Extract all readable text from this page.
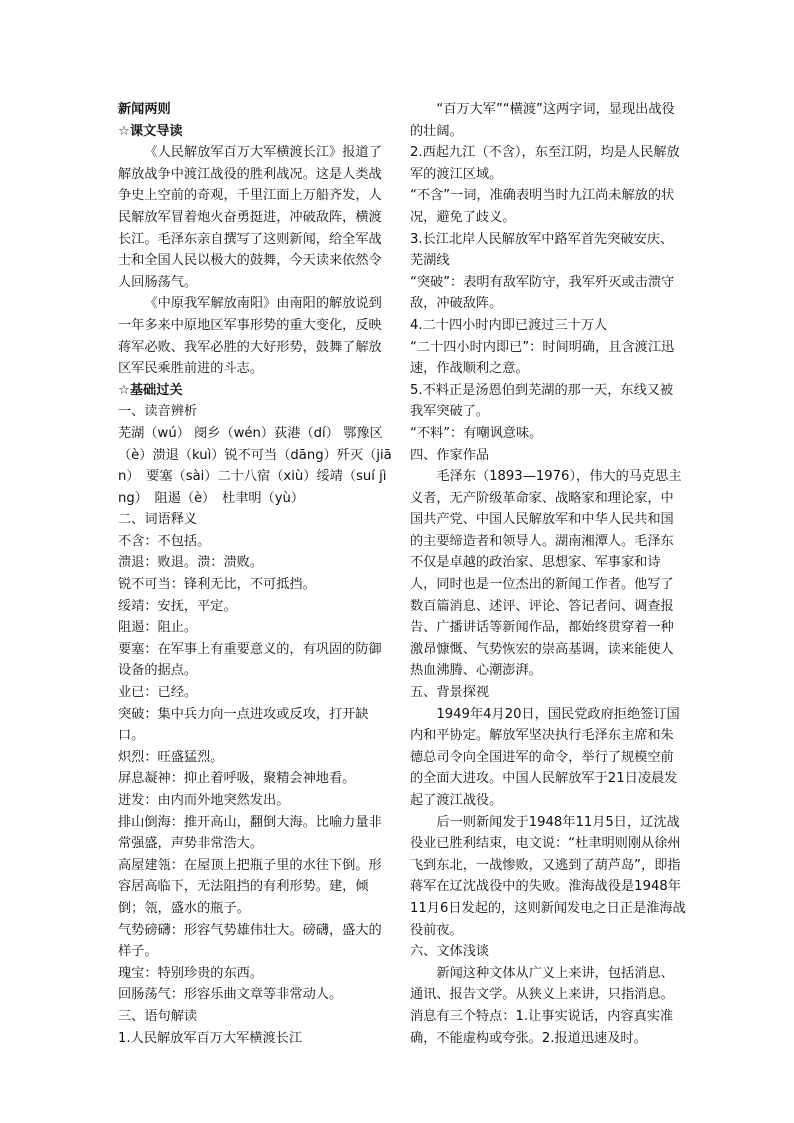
新闻两则

☆课文导读

《人民解放军百万大军横渡长江》报道了解放战争中渡江战役的胜利战况。这是人类战争史上空前的奇观，千里江面上万船齐发，人民解放军冒着炮火奋勇挺进，冲破敌阵，横渡长江。毛泽东亲自撰写了这则新闻，给全军战士和全国人民以极大的鼓舞，今天读来依然令人回肠荡气。

《中原我军解放南阳》由南阳的解放说到一年多来中原地区军事形势的重大变化，反映蒋军必败、我军必胜的大好形势，鼓舞了解放区军民乘胜前进的斗志。

☆基础过关

一、读音辨析

芜湖（wú） 阌乡（wén）荻港（dí） 鄂豫区（è）溃退（kuì）锐不可当（dāng）歼灭（jiān）　要塞（sài）二十八宿（xiù）绥靖（suí jìng）　阻遏（è）　杜聿明（yù）

二、词语释义

不含：不包括。

溃退：败退。溃：溃败。

锐不可当：锋利无比，不可抵挡。

绥靖：安抚，平定。

阻遏：阻止。

要塞：在军事上有重要意义的，有巩固的防御设备的据点。

业已：已经。

突破：集中兵力向一点进攻或反攻，打开缺口。

炽烈：旺盛猛烈。

屏息凝神：抑止着呼吸，聚精会神地看。

迸发：由内而外地突然发出。

排山倒海：推开高山，翻倒大海。比喻力量非常强盛，声势非常浩大。

高屋建瓴：在屋顶上把瓶子里的水往下倒。形容居高临下，无法阻挡的有利形势。建，倾倒；瓴，盛水的瓶子。

气势磅礴：形容气势雄伟壮大。磅礴，盛大的样子。

瑰宝：特别珍贵的东西。

回肠荡气：形容乐曲文章等非常动人。

三、语句解读

1.人民解放军百万大军横渡长江

“百万大军”“横渡”这两字词，显现出战役的壮阔。

2.西起九江（不含），东至江阴，均是人民解放军的渡江区域。

“不含”一词，准确表明当时九江尚未解放的状况，避免了歧义。

3.长江北岸人民解放军中路军首先突破安庆、芜湖线

“突破”：表明有敌军防守，我军歼灭或击溃守敌，冲破敌阵。

4.二十四小时内即已渡过三十万人

“二十四小时内即已”：时间明确，且含渡江迅速，作战顺利之意。

5.不料正是汤恩伯到芜湖的那一天，东线又被我军突破了。

“不料”：有嘲讽意味。

四、作家作品

毛泽东（1893—1976），伟大的马克思主义者，无产阶级革命家、战略家和理论家，中国共产党、中国人民解放军和中华人民共和国的主要缔造者和领导人。湖南湘潭人。毛泽东不仅是卓越的政治家、思想家、军事家和诗人，同时也是一位杰出的新闻工作者。他写了数百篇消息、述评、评论、答记者问、调查报告、广播讲话等新闻作品，都始终贯穿着一种激昂慷慨、气势恢宏的崇高基调，读来能使人热血沸腾、心潮澎湃。

五、背景探视

1949年4月20日，国民党政府拒绝签订国内和平协定。解放军坚决执行毛泽东主席和朱德总司令向全国进军的命令，举行了规模空前的全面大进攻。中国人民解放军于21日凌晨发起了渡江战役。

后一则新闻发于1948年11月5日，辽沈战役业已胜利结束，电文说：“杜聿明则刚从徐州飞到东北，一战惨败，又逃到了葫芦岛”，即指蒋军在辽沈战役中的失败。淮海战役是1948年11月6日发起的，这则新闻发电之日正是淮海战役前夜。

六、文体浅谈

新闻这种文体从广义上来讲，包括消息、通讯、报告文学。从狭义上来讲，只指消息。消息有三个特点：1.让事实说话，内容真实准确，不能虚构或夸张。2.报道迅速及时。
